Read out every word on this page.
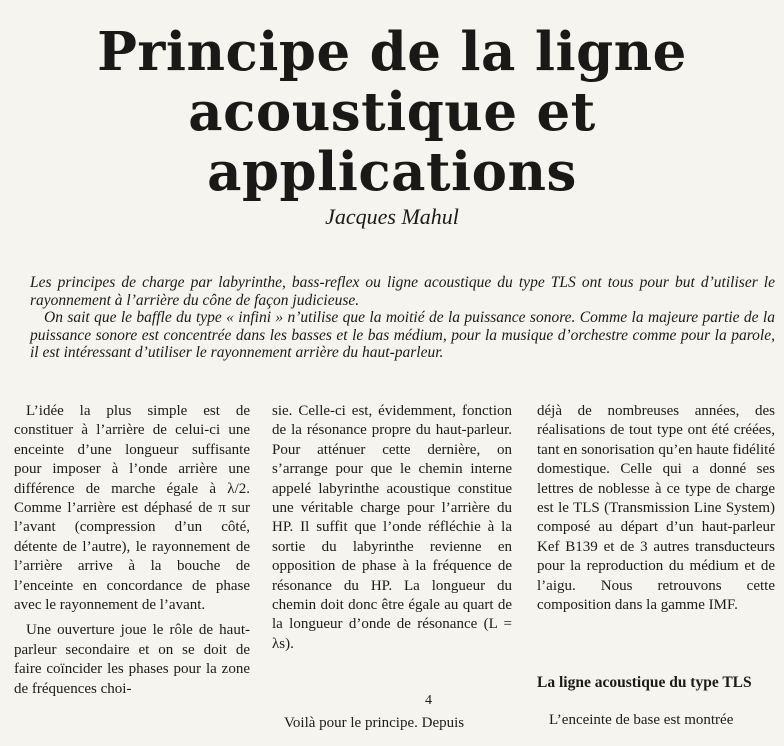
Principe de la ligne
acoustique et applications
Jacques Mahul

Les principes de charge par labyrinthe, bass-reflex ou ligne acoustique du type TLS ont tous pour but d’utiliser le rayonnement à l’arrière du cône de façon judicieuse.

On sait que le baffle du type « infini » n’utilise que la moitié de la puissance sonore. Comme la majeure partie de la puissance sonore est concentrée dans les basses et le bas médium, pour la musique d’orchestre comme pour la parole, il est intéressant d’utiliser le rayonnement arrière du haut-parleur.

L’idée la plus simple est de constituer à l’arrière de celui-ci une enceinte d’une longueur suffisante pour imposer à l’onde arrière une différence de marche égale à λ/2. Comme l’arrière est déphasé de π sur l’avant (compression d’un côté, détente de l’autre), le rayonnement de l’arrière arrive à la bouche de l’enceinte en concordance de phase avec le rayonnement de l’avant.

Une ouverture joue le rôle de haut-parleur secondaire et on se doit de faire coïncider les phases pour la zone de fréquences choi-

sie. Celle-ci est, évidemment, fonction de la résonance propre du haut-parleur. Pour atténuer cette dernière, on s’arrange pour que le chemin interne appelé labyrinthe acoustique constitue une véritable charge pour l’arrière du HP. Il suffit que l’onde réfléchie à la sortie du labyrinthe revienne en opposition de phase à la fréquence de résonance du HP. La longueur du chemin doit donc être égale au quart de la longueur d’onde de résonance (L = λs).

4
Voilà pour le principe. Depuis

déjà de nombreuses années, des réalisations de tout type ont été créées, tant en sonorisation qu’en haute fidélité domestique. Celle qui a donné ses lettres de noblesse à ce type de charge est le TLS (Transmission Line System) composé au départ d’un haut-parleur Kef B139 et de 3 autres transducteurs pour la reproduction du médium et de l’aigu. Nous retrouvons cette composition dans la gamme IMF.

La ligne acoustique du type TLS
L’enceinte de base est montrée
